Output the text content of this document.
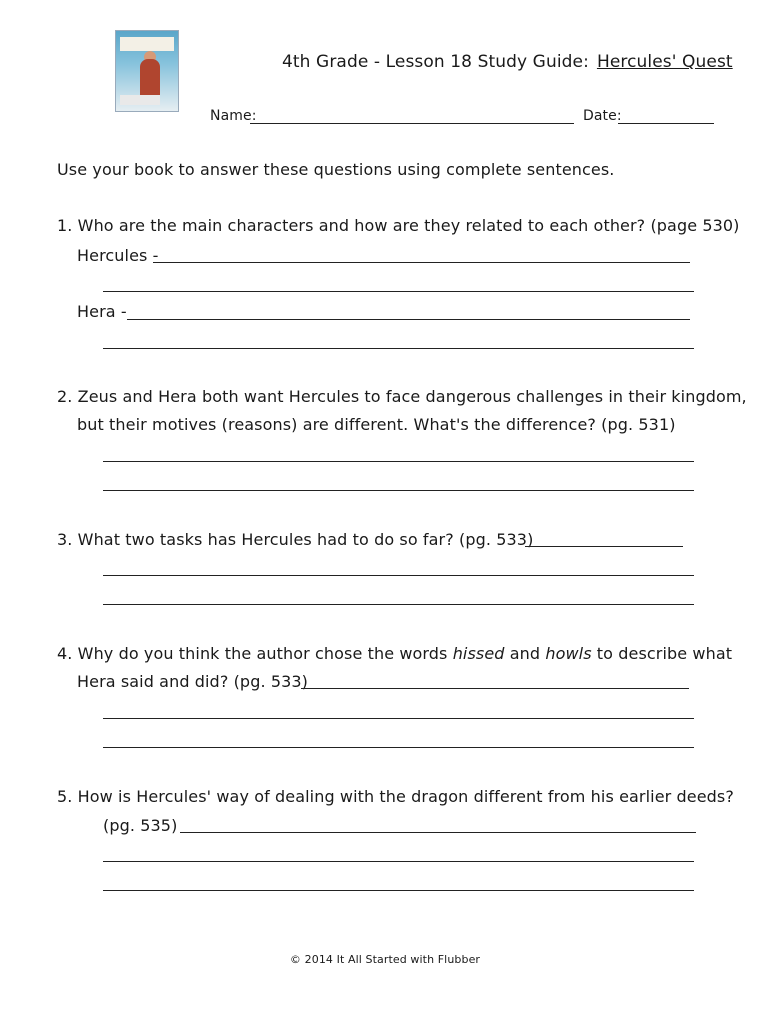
4th Grade - Lesson 18 Study Guide: Hercules' Quest
Name:	Date:
Use your book to answer these questions using complete sentences.
1. Who are the main characters and how are they related to each other? (page 530)
Hercules -
Hera -
2. Zeus and Hera both want Hercules to face dangerous challenges in their kingdom,
but their motives (reasons) are different. What's the difference? (pg. 531)
3. What two tasks has Hercules had to do so far? (pg. 533)
4. Why do you think the author chose the words hissed and howls to describe what
Hera said and did? (pg. 533)
5. How is Hercules' way of dealing with the dragon different from his earlier deeds?
(pg. 535)
© 2014 It All Started with Flubber
